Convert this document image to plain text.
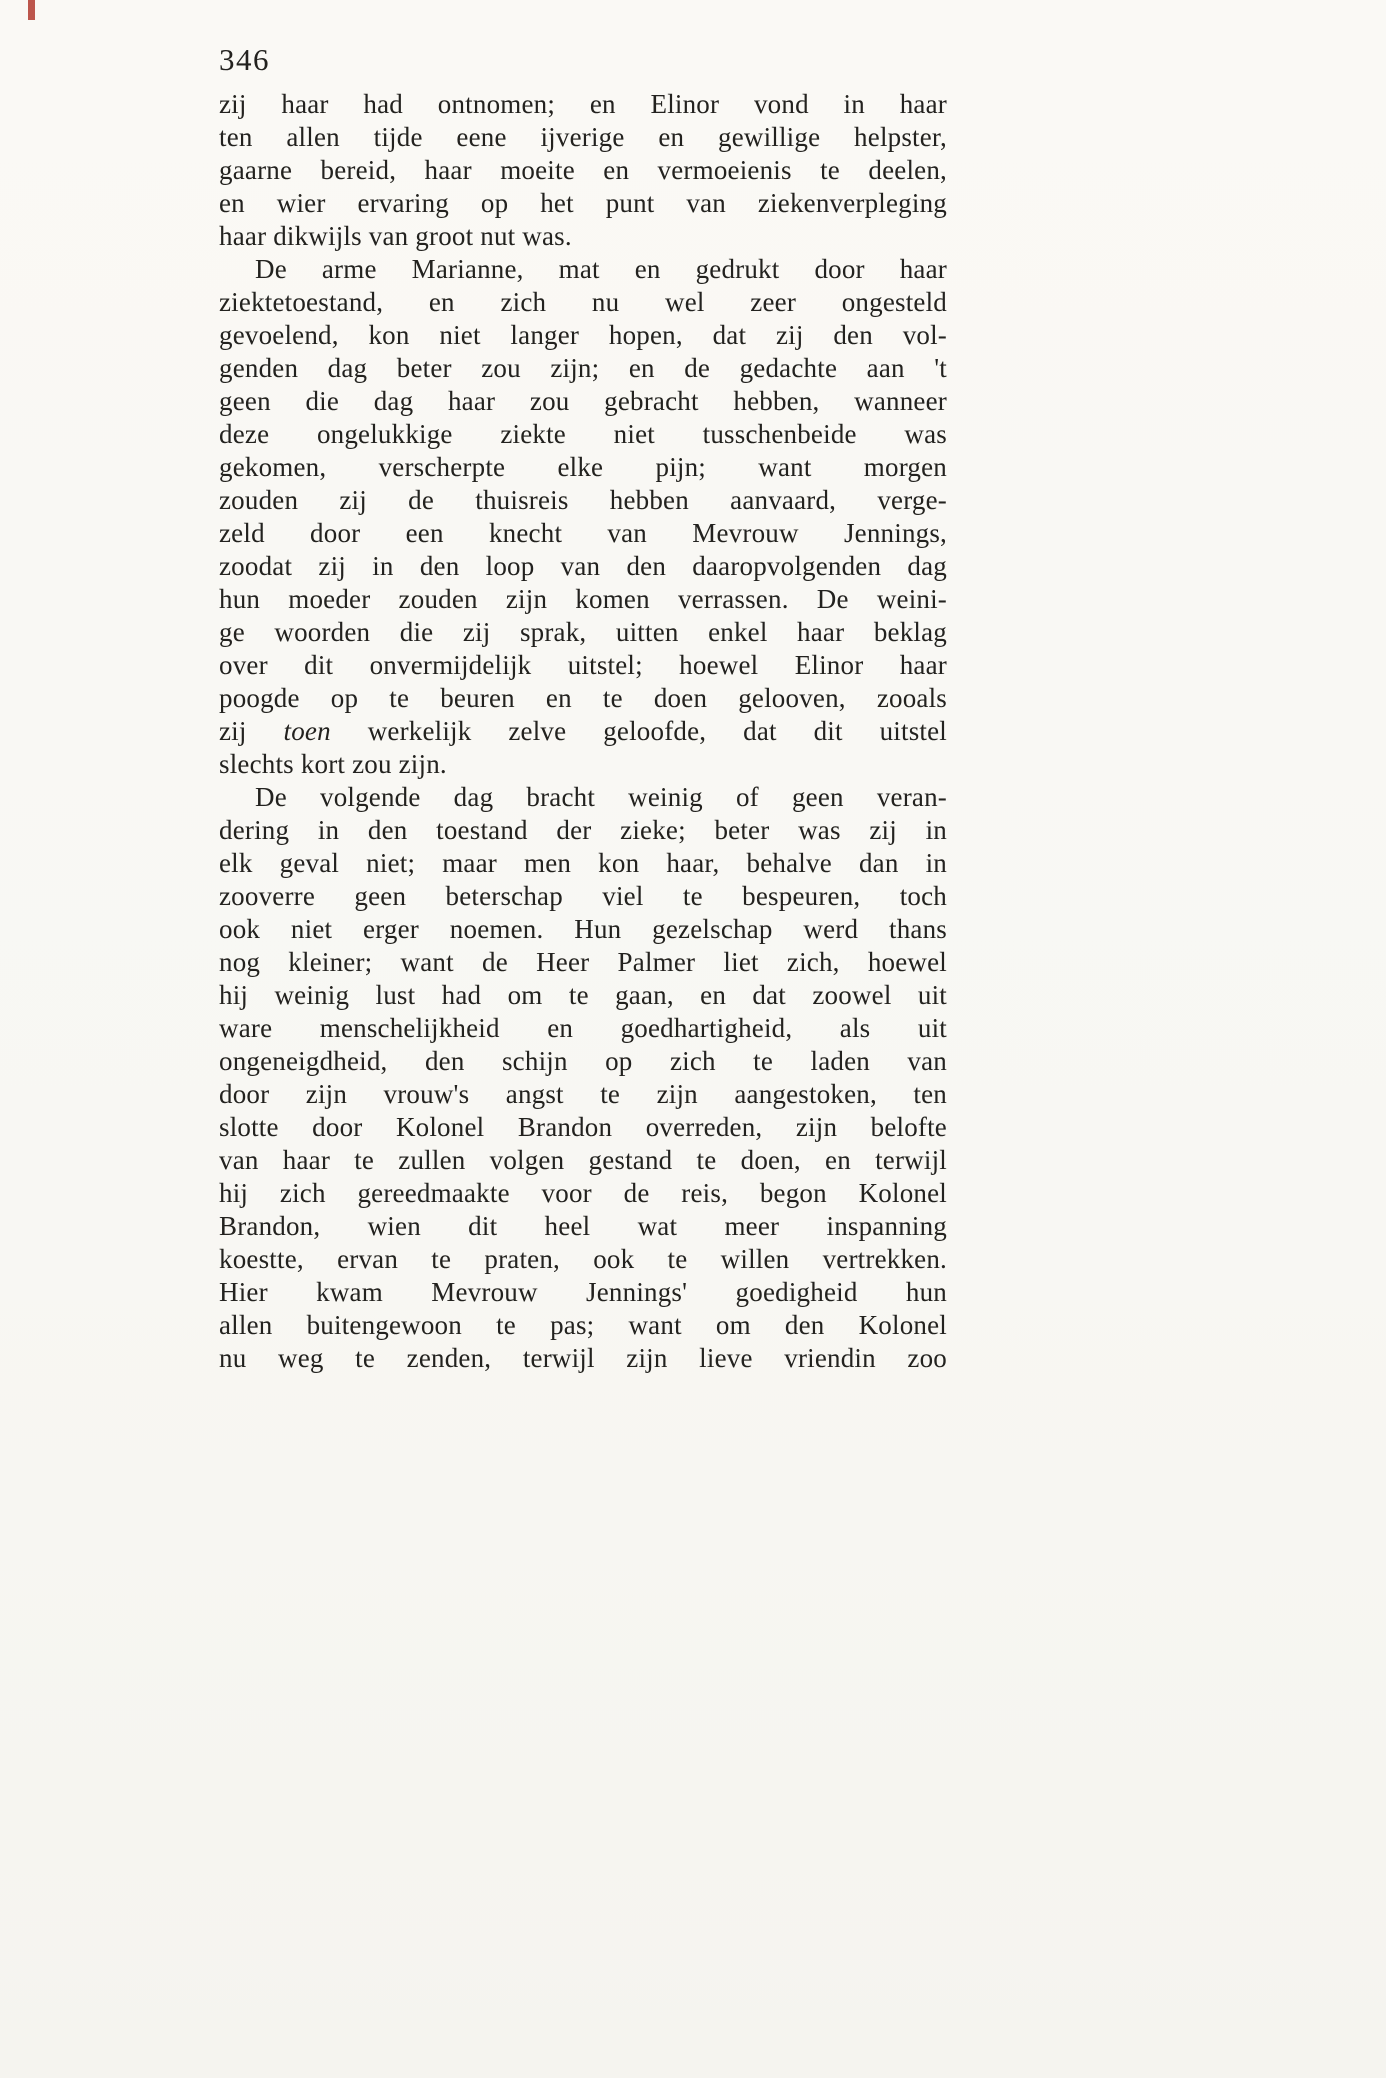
346
zij haar had ontnomen; en Elinor vond in haar
ten allen tijde eene ijverige en gewillige helpster,
gaarne bereid, haar moeite en vermoeienis te deelen,
en wier ervaring op het punt van ziekenverpleging
haar dikwijls van groot nut was.
De arme Marianne, mat en gedrukt door haar
ziektetoestand, en zich nu wel zeer ongesteld
gevoelend, kon niet langer hopen, dat zij den vol-
genden dag beter zou zijn; en de gedachte aan 't
geen die dag haar zou gebracht hebben, wanneer
deze ongelukkige ziekte niet tusschenbeide was
gekomen, verscherpte elke pijn; want morgen
zouden zij de thuisreis hebben aanvaard, verge-
zeld door een knecht van Mevrouw Jennings,
zoodat zij in den loop van den daaropvolgenden dag
hun moeder zouden zijn komen verrassen. De weini-
ge woorden die zij sprak, uitten enkel haar beklag
over dit onvermijdelijk uitstel; hoewel Elinor haar
poogde op te beuren en te doen gelooven, zooals
zij toen werkelijk zelve geloofde, dat dit uitstel
slechts kort zou zijn.
De volgende dag bracht weinig of geen veran-
dering in den toestand der zieke; beter was zij in
elk geval niet; maar men kon haar, behalve dan in
zooverre geen beterschap viel te bespeuren, toch
ook niet erger noemen. Hun gezelschap werd thans
nog kleiner; want de Heer Palmer liet zich, hoewel
hij weinig lust had om te gaan, en dat zoowel uit
ware menschelijkheid en goedhartigheid, als uit
ongeneigdheid, den schijn op zich te laden van
door zijn vrouw's angst te zijn aangestoken, ten
slotte door Kolonel Brandon overreden, zijn belofte
van haar te zullen volgen gestand te doen, en terwijl
hij zich gereedmaakte voor de reis, begon Kolonel
Brandon, wien dit heel wat meer inspanning
koestte, ervan te praten, ook te willen vertrekken.
Hier kwam Mevrouw Jennings' goedigheid hun
allen buitengewoon te pas; want om den Kolonel
nu weg te zenden, terwijl zijn lieve vriendin zoo
